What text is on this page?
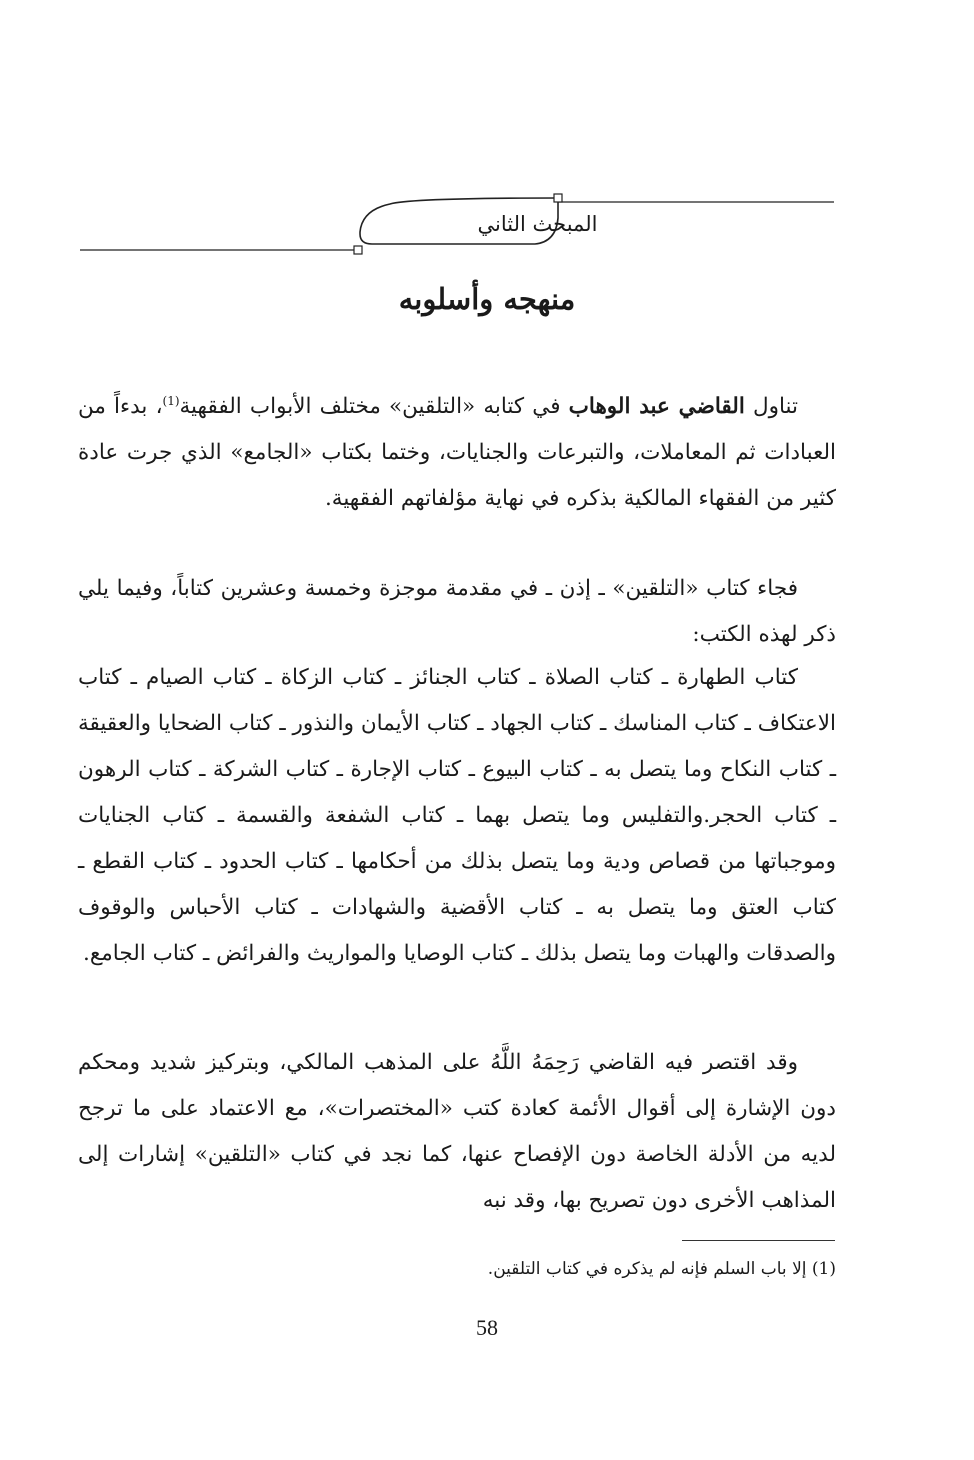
المبحث الثاني
منهجه وأسلوبه

تناول القاضي عبد الوهاب في كتابه «التلقين» مختلف الأبواب الفقهية$^{(1)}$، بدءاً من العبادات ثم المعاملات، والتبرعات والجنايات، وختما بكتاب «الجامع» الذي جرت عادة كثير من الفقهاء المالكية بذكره في نهاية مؤلفاتهم الفقهية.

فجاء كتاب «التلقين» ـ إذن ـ في مقدمة موجزة وخمسة وعشرين كتاباً، وفيما يلي ذكر لهذه الكتب:

كتاب الطهارة ـ كتاب الصلاة ـ كتاب الجنائز ـ كتاب الزكاة ـ كتاب الصيام ـ كتاب الاعتكاف ـ كتاب المناسك ـ كتاب الجهاد ـ كتاب الأيمان والنذور ـ كتاب الضحايا والعقيقة ـ كتاب النكاح وما يتصل به ـ كتاب البيوع ـ كتاب الإجارة ـ كتاب الشركة ـ كتاب الرهون ـ كتاب الحجر.والتفليس وما يتصل بهما ـ كتاب الشفعة والقسمة ـ كتاب الجنايات وموجباتها من قصاص ودية وما يتصل بذلك من أحكامها ـ كتاب الحدود ـ كتاب القطع ـ كتاب العتق وما يتصل به ـ كتاب الأقضية والشهادات ـ كتاب الأحباس والوقوف والصدقات والهبات وما يتصل بذلك ـ كتاب الوصايا والمواريث والفرائض ـ كتاب الجامع.

وقد اقتصر فيه القاضي رَحِمَهُ اللَّهُ على المذهب المالكي، وبتركيز شديد ومحكم دون الإشارة إلى أقوال الأئمة كعادة كتب «المختصرات»، مع الاعتماد على ما ترجح لديه من الأدلة الخاصة دون الإفصاح عنها، كما نجد في كتاب «التلقين» إشارات إلى المذاهب الأخرى دون تصريح بها، وقد نبه

(1) إلا باب السلم فإنه لم يذكره في كتاب التلقين.
58
